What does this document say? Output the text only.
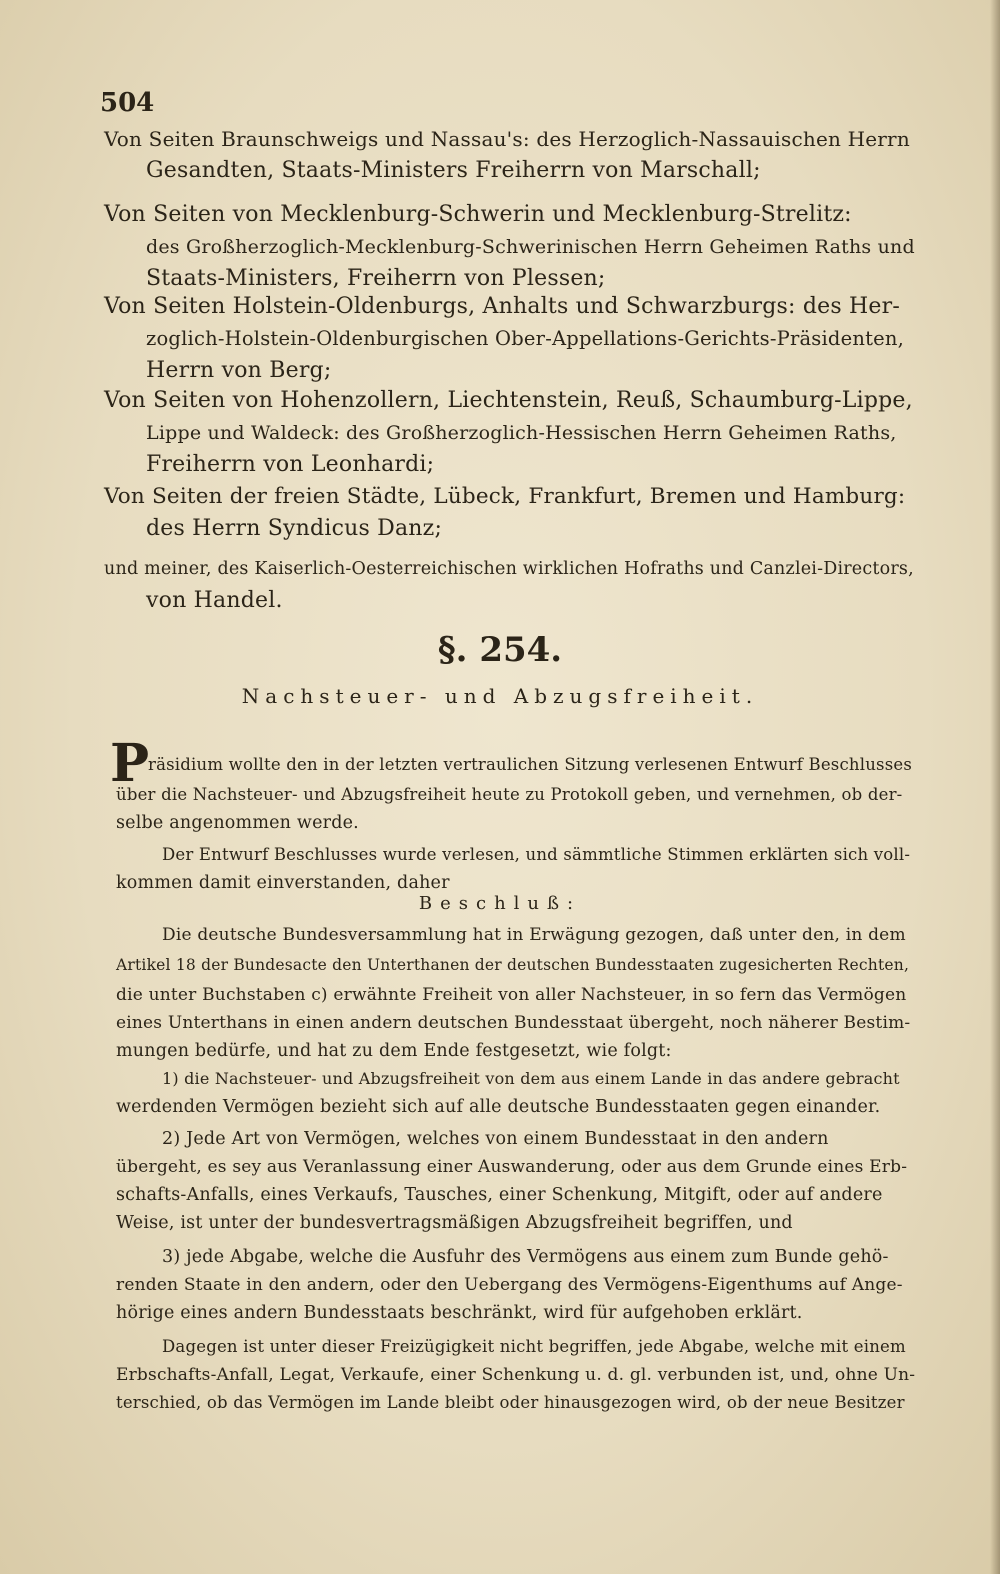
504
Von Seiten Braunschweigs und Nassau's: des Herzoglich-Nassauischen Herrn
Gesandten, Staats-Ministers Freiherrn von Marschall;
Von Seiten von Mecklenburg-Schwerin und Mecklenburg-Strelitz:
des Großherzoglich-Mecklenburg-Schwerinischen Herrn Geheimen Raths und
Staats-Ministers, Freiherrn von Plessen;
Von Seiten Holstein-Oldenburgs, Anhalts und Schwarzburgs: des Her-
zoglich-Holstein-Oldenburgischen Ober-Appellations-Gerichts-Präsidenten,
Herrn von Berg;
Von Seiten von Hohenzollern, Liechtenstein, Reuß, Schaumburg-Lippe,
Lippe und Waldeck: des Großherzoglich-Hessischen Herrn Geheimen Raths,
Freiherrn von Leonhardi;
Von Seiten der freien Städte, Lübeck, Frankfurt, Bremen und Hamburg:
des Herrn Syndicus Danz;
und meiner, des Kaiserlich-Oesterreichischen wirklichen Hofraths und Canzlei-Directors,
von Handel.
§. 254.
Nachsteuer- und Abzugsfreiheit.
P
räsidium wollte den in der letzten vertraulichen Sitzung verlesenen Entwurf Beschlusses
über die Nachsteuer- und Abzugsfreiheit heute zu Protokoll geben, und vernehmen, ob der-
selbe angenommen werde.
Der Entwurf Beschlusses wurde verlesen, und sämmtliche Stimmen erklärten sich voll-
kommen damit einverstanden, daher
Beschluß:
Die deutsche Bundesversammlung hat in Erwägung gezogen, daß unter den, in dem
Artikel 18 der Bundesacte den Unterthanen der deutschen Bundesstaaten zugesicherten Rechten,
die unter Buchstaben c) erwähnte Freiheit von aller Nachsteuer, in so fern das Vermögen
eines Unterthans in einen andern deutschen Bundesstaat übergeht, noch näherer Bestim-
mungen bedürfe, und hat zu dem Ende festgesetzt, wie folgt:
1) die Nachsteuer- und Abzugsfreiheit von dem aus einem Lande in das andere gebracht
werdenden Vermögen bezieht sich auf alle deutsche Bundesstaaten gegen einander.
2) Jede Art von Vermögen, welches von einem Bundesstaat in den andern
übergeht, es sey aus Veranlassung einer Auswanderung, oder aus dem Grunde eines Erb-
schafts-Anfalls, eines Verkaufs, Tausches, einer Schenkung, Mitgift, oder auf andere
Weise, ist unter der bundesvertragsmäßigen Abzugsfreiheit begriffen, und
3) jede Abgabe, welche die Ausfuhr des Vermögens aus einem zum Bunde gehö-
renden Staate in den andern, oder den Uebergang des Vermögens-Eigenthums auf Ange-
hörige eines andern Bundesstaats beschränkt, wird für aufgehoben erklärt.
Dagegen ist unter dieser Freizügigkeit nicht begriffen, jede Abgabe, welche mit einem
Erbschafts-Anfall, Legat, Verkaufe, einer Schenkung u. d. gl. verbunden ist, und, ohne Un-
terschied, ob das Vermögen im Lande bleibt oder hinausgezogen wird, ob der neue Besitzer
